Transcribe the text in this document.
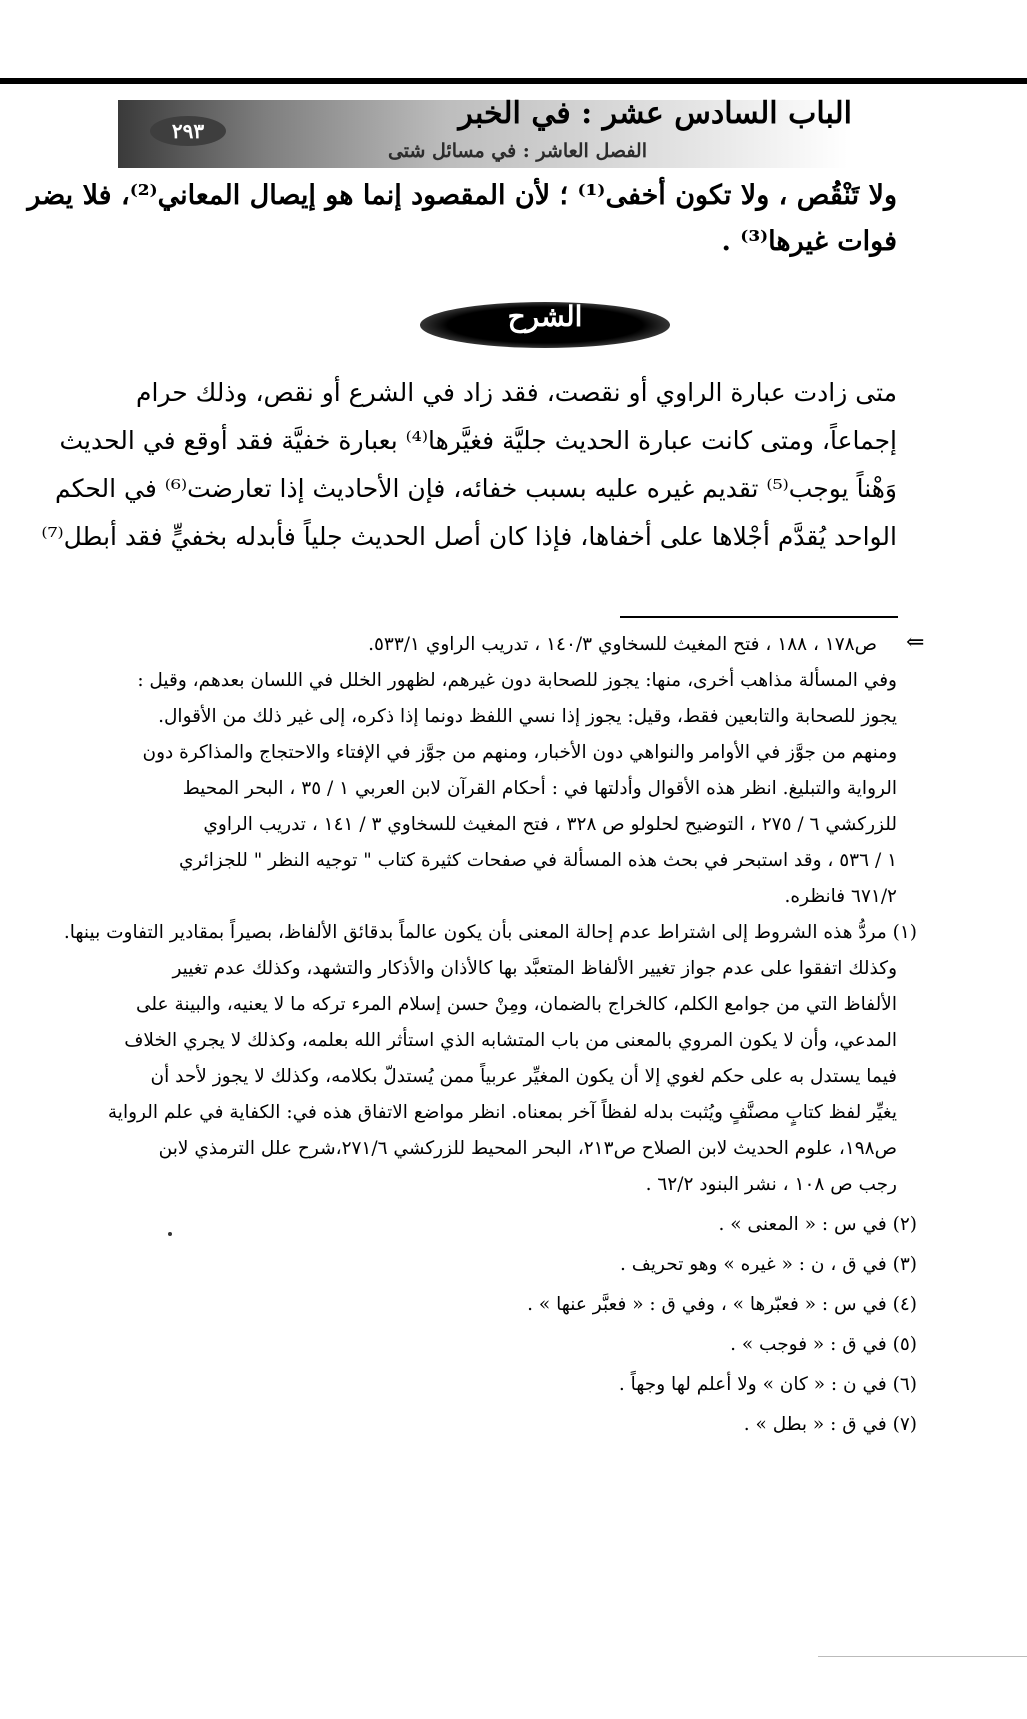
٢٩٣	الباب السادس عشر : في الخبر
الفصل العاشر : في مسائل شتى
ولا تَنْقُص ، ولا تكون أخفى⁽¹⁾ ؛ لأن المقصود إنما هو إيصال المعاني⁽²⁾، فلا يضر
فوات غيرها⁽³⁾ .
الشرح
متى زادت عبارة الراوي أو نقصت، فقد زاد في الشرع أو نقص، وذلك حرام
إجماعاً، ومتى كانت عبارة الحديث جليَّة فغيَّرها⁽⁴⁾ بعبارة خفيَّة فقد أوقع في الحديث
وَهْناً يوجب⁽⁵⁾ تقديم غيره عليه بسبب خفائه، فإن الأحاديث إذا تعارضت⁽⁶⁾ في الحكم
الواحد يُقدَّم أجْلاها على أخفاها، فإذا كان أصل الحديث جلياً فأبدله بخفيٍّ فقد أبطل⁽⁷⁾
⇐
ص١٧٨ ، ١٨٨ ، فتح المغيث للسخاوي ١٤٠/٣ ، تدريب الراوي ٥٣٣/١.
وفي المسألة مذاهب أخرى، منها: يجوز للصحابة دون غيرهم، لظهور الخلل في اللسان بعدهم، وقيل :
يجوز للصحابة والتابعين فقط، وقيل: يجوز إذا نسي اللفظ دونما إذا ذكره، إلى غير ذلك من الأقوال.
ومنهم من جوَّز في الأوامر والنواهي دون الأخبار، ومنهم من جوَّز في الإفتاء والاحتجاج والمذاكرة دون
الرواية والتبليغ. انظر هذه الأقوال وأدلتها في : أحكام القرآن لابن العربي ١ / ٣٥ ، البحر المحيط
للزركشي ٦ / ٢٧٥ ، التوضيح لحلولو ص ٣٢٨ ، فتح المغيث للسخاوي ٣ / ١٤١ ، تدريب الراوي
١ / ٥٣٦ ، وقد استبحر في بحث هذه المسألة في صفحات كثيرة كتاب " توجيه النظر " للجزائري
٦٧١/٢ فانظره.
(١) مردُّ هذه الشروط إلى اشتراط عدم إحالة المعنى بأن يكون عالماً بدقائق الألفاظ، بصيراً بمقادير التفاوت بينها.
وكذلك اتفقوا على عدم جواز تغيير الألفاظ المتعبَّد بها كالأذان والأذكار والتشهد، وكذلك عدم تغيير
الألفاظ التي من جوامع الكلم، كالخراج بالضمان، ومِنْ حسن إسلام المرء تركه ما لا يعنيه، والبينة على
المدعي، وأن لا يكون المروي بالمعنى من باب المتشابه الذي استأثر الله بعلمه، وكذلك لا يجري الخلاف
فيما يستدل به على حكم لغوي إلا أن يكون المغيِّر عربياً ممن يُستدلّ بكلامه، وكذلك لا يجوز لأحد أن
يغيِّر لفظ كتابٍ مصنَّفٍ ويُثبت بدله لفظاً آخر بمعناه. انظر مواضع الاتفاق هذه في: الكفاية في علم الرواية
ص١٩٨، علوم الحديث لابن الصلاح ص٢١٣، البحر المحيط للزركشي ٢٧١/٦،شرح علل الترمذي لابن
رجب ص ١٠٨ ، نشر البنود ٦٢/٢ .
(٢) في س : « المعنى » .
(٣) في ق ، ن : « غيره » وهو تحريف .
(٤) في س : « فعبّرها » ، وفي ق : « فعبَّر عنها » .
(٥) في ق : « فوجب » .
(٦) في ن : « كان » ولا أعلم لها وجهاً .
(٧) في ق : « بطل » .
